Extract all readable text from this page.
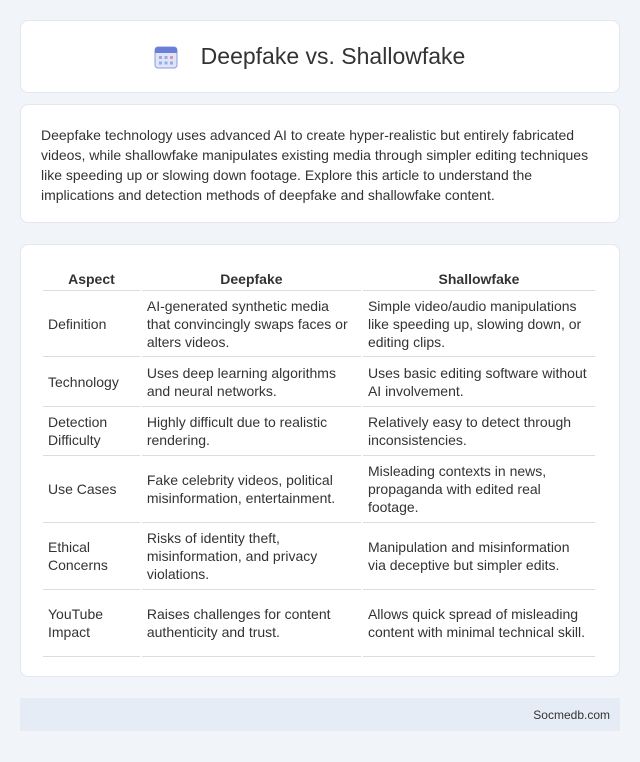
Deepfake vs. Shallowfake

Deepfake technology uses advanced AI to create hyper-realistic but entirely fabricated videos, while shallowfake manipulates existing media through simpler editing techniques like speeding up or slowing down footage. Explore this article to understand the implications and detection methods of deepfake and shallowfake content.

Aspect	Deepfake	Shallowfake
Definition	AI-generated synthetic media that convincingly swaps faces or alters videos.	Simple video/audio manipulations like speeding up, slowing down, or editing clips.
Technology	Uses deep learning algorithms and neural networks.	Uses basic editing software without AI involvement.
Detection Difficulty	Highly difficult due to realistic rendering.	Relatively easy to detect through inconsistencies.
Use Cases	Fake celebrity videos, political misinformation, entertainment.	Misleading contexts in news, propaganda with edited real footage.
Ethical Concerns	Risks of identity theft, misinformation, and privacy violations.	Manipulation and misinformation via deceptive but simpler edits.
YouTube Impact	Raises challenges for content authenticity and trust.	Allows quick spread of misleading content with minimal technical skill.
Socmedb.com
